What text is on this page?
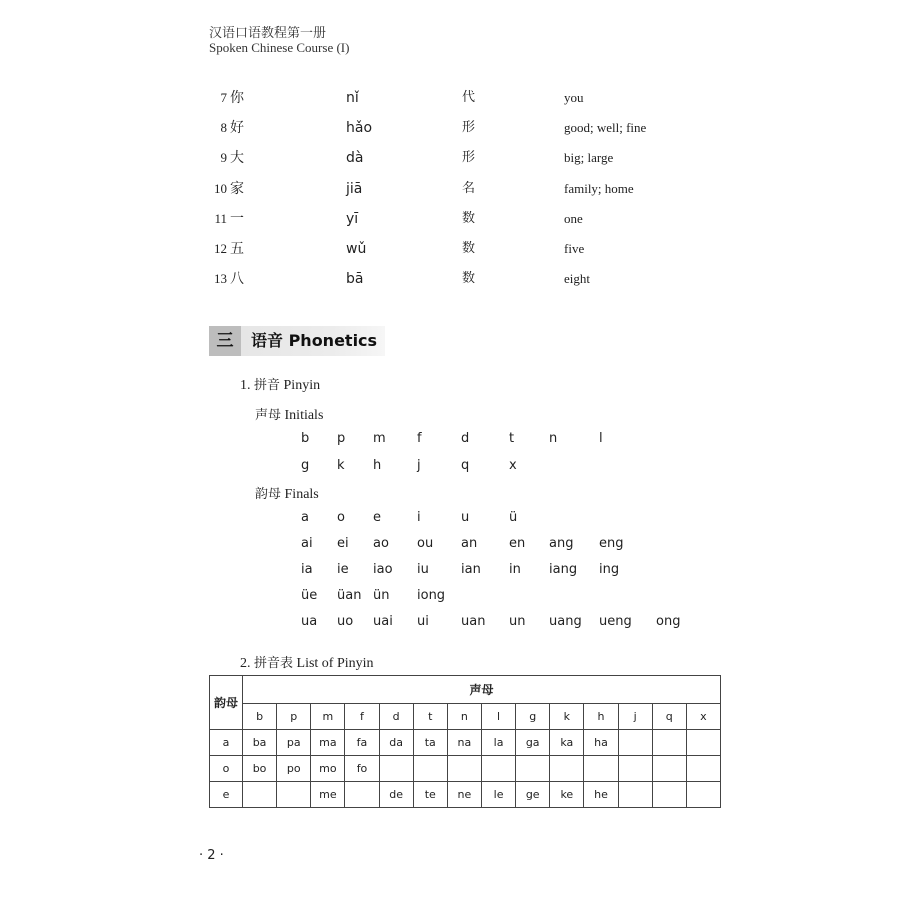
汉语口语教程第一册
Spoken Chinese Course (I)
7 你	nǐ	代	you
8 好	hǎo	形	good; well; fine
9 大	dà	形	big; large
10 家	jiā	名	family; home
11 一	yī	数	one
12 五	wǔ	数	five
13 八	bā	数	eight
三	语音 Phonetics
1. 拼音 Pinyin
声母 Initials
b p m f	d	t	n	l
g k h	j	q	x
韵母 Finals
a o e	i	u	ü
ai ei ao ou an en ang eng
ia ie iao iu ian in iang ing
üe üan ün iong
ua uo uai ui uan un uang ueng ong
2. 拼音表 List of Pinyin
韵母	声母													
	b	p	m	f	d	t	n	l	g	k	h	j	q	x
a	ba	pa	ma	fa	da	ta	na	la	ga	ka	ha			
o	bo	po	mo	fo										
e			me		de	te	ne	le	ge	ke	he			
· 2 ·
